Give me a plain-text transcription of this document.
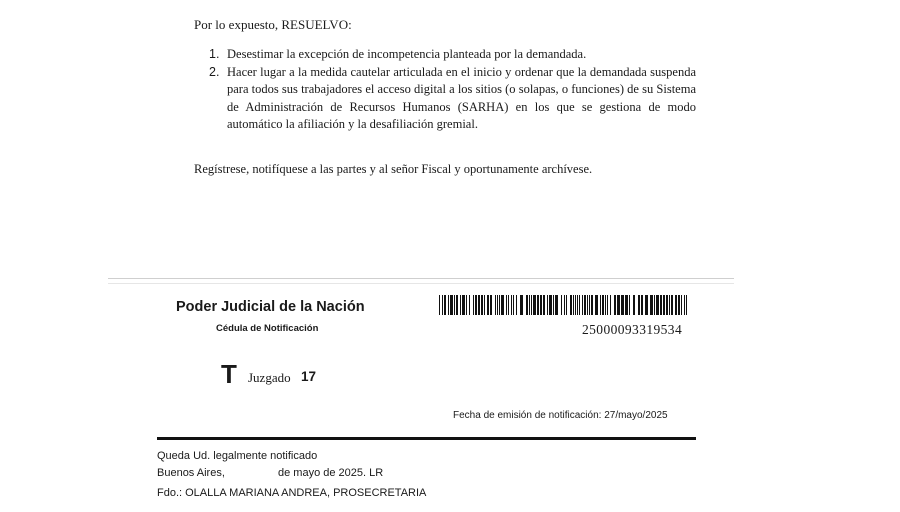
Por lo expuesto, RESUELVO:
1. Desestimar la excepción de incompetencia planteada por la demandada.
2. Hacer lugar a la medida cautelar articulada en el inicio y ordenar que la demandada suspenda para todos sus trabajadores el acceso digital a los sitios (o solapas, o funciones) de su Sistema de Administración de Recursos Humanos (SARHA) en los que se gestiona de modo automático la afiliación y la desafiliación gremial.
Regístrese, notifíquese a las partes y al señor Fiscal y oportunamente archívese.
Poder Judicial de la Nación
Cédula de Notificación	25000093319534
T Juzgado 17
Fecha de emisión de notificación: 27/mayo/2025
Queda Ud. legalmente notificado
Buenos Aires,	de mayo de 2025. LR
Fdo.: OLALLA MARIANA ANDREA, PROSECRETARIA
